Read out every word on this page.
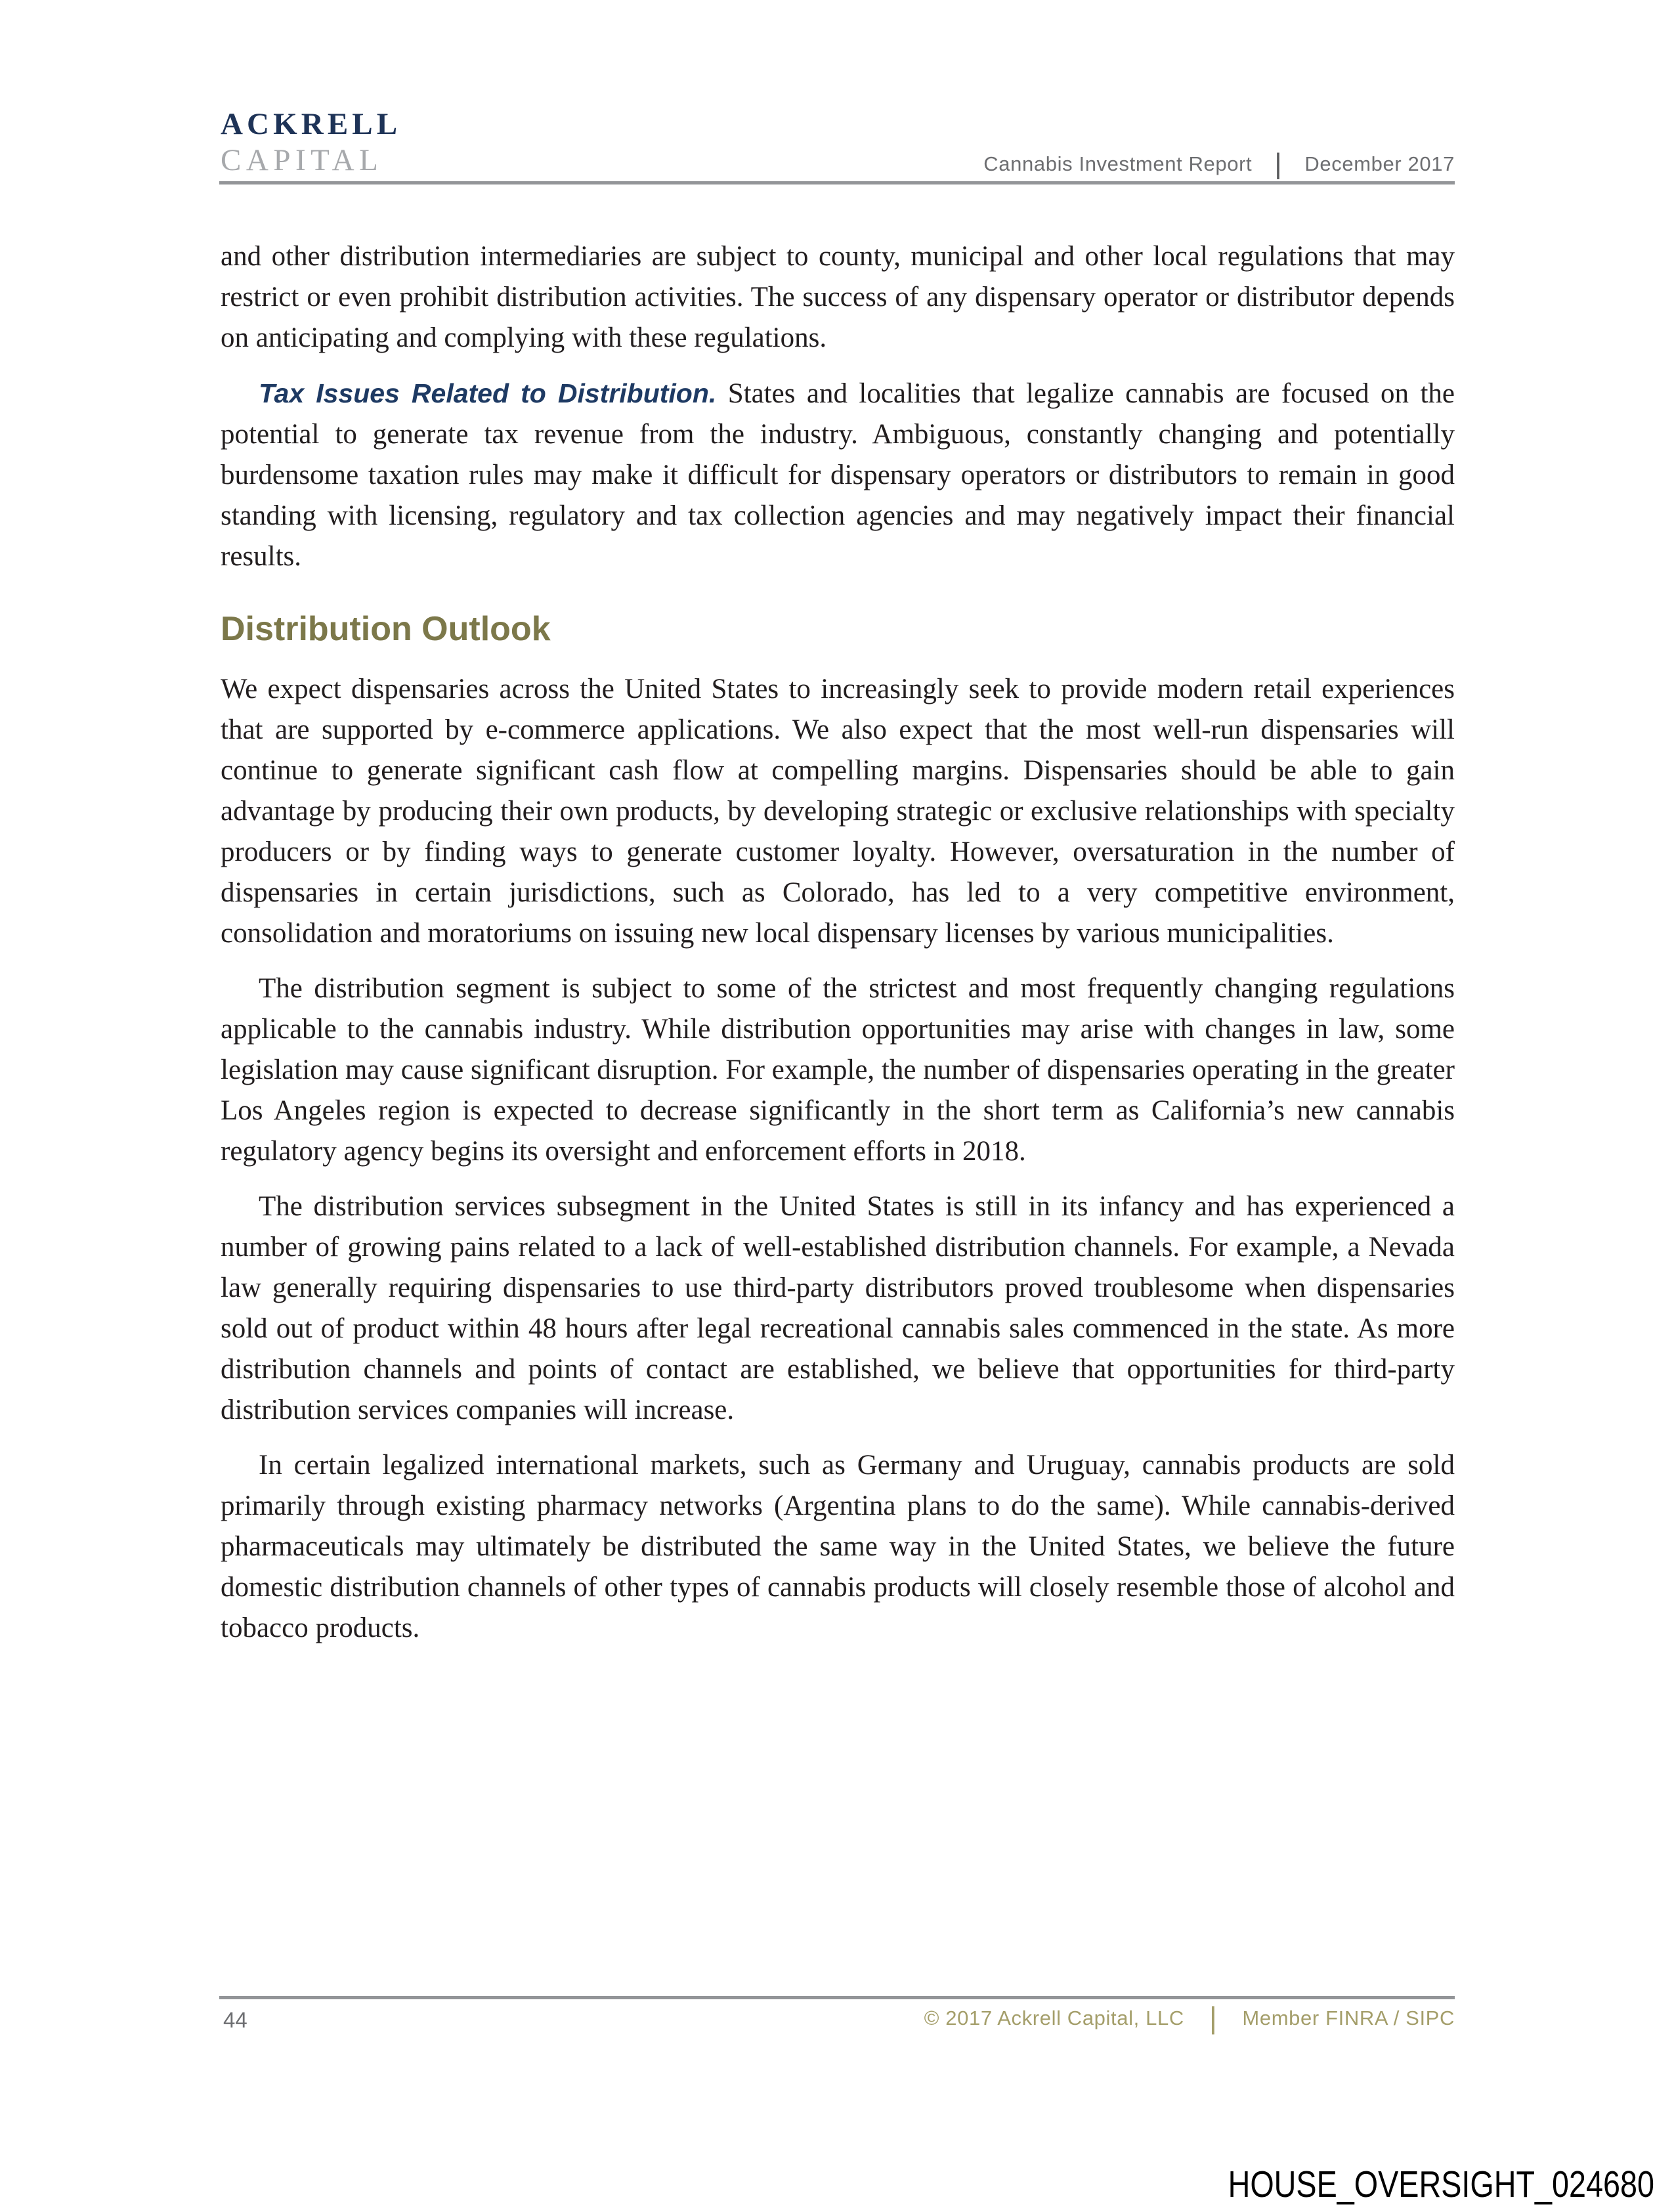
ACKRELL
CAPITAL	Cannabis Investment Report | December 2017

and other distribution intermediaries are subject to county, municipal and other local regulations that may restrict or even prohibit distribution activities. The success of any dispensary operator or distributor depends on anticipating and complying with these regulations.

Tax Issues Related to Distribution. States and localities that legalize cannabis are focused on the potential to generate tax revenue from the industry. Ambiguous, constantly changing and potentially burdensome taxation rules may make it difficult for dispensary operators or distributors to remain in good standing with licensing, regulatory and tax collection agencies and may negatively impact their financial results.

Distribution Outlook

We expect dispensaries across the United States to increasingly seek to provide modern retail experiences that are supported by e-commerce applications. We also expect that the most well-run dispensaries will continue to generate significant cash flow at compelling margins. Dispensaries should be able to gain advantage by producing their own products, by developing strategic or exclusive relationships with specialty producers or by finding ways to generate customer loyalty. However, oversaturation in the number of dispensaries in certain jurisdictions, such as Colorado, has led to a very competitive environment, consolidation and moratoriums on issuing new local dispensary licenses by various municipalities.

The distribution segment is subject to some of the strictest and most frequently changing regulations applicable to the cannabis industry. While distribution opportunities may arise with changes in law, some legislation may cause significant disruption. For example, the number of dispensaries operating in the greater Los Angeles region is expected to decrease significantly in the short term as California’s new cannabis regulatory agency begins its oversight and enforcement efforts in 2018.

The distribution services subsegment in the United States is still in its infancy and has experienced a number of growing pains related to a lack of well-established distribution channels. For example, a Nevada law generally requiring dispensaries to use third-party distributors proved troublesome when dispensaries sold out of product within 48 hours after legal recreational cannabis sales commenced in the state. As more distribution channels and points of contact are established, we believe that opportunities for third-party distribution services companies will increase.

In certain legalized international markets, such as Germany and Uruguay, cannabis products are sold primarily through existing pharmacy networks (Argentina plans to do the same). While cannabis-derived pharmaceuticals may ultimately be distributed the same way in the United States, we believe the future domestic distribution channels of other types of cannabis products will closely resemble those of alcohol and tobacco products.

44	© 2017 Ackrell Capital, LLC | Member FINRA / SIPC
HOUSE_OVERSIGHT_024680
